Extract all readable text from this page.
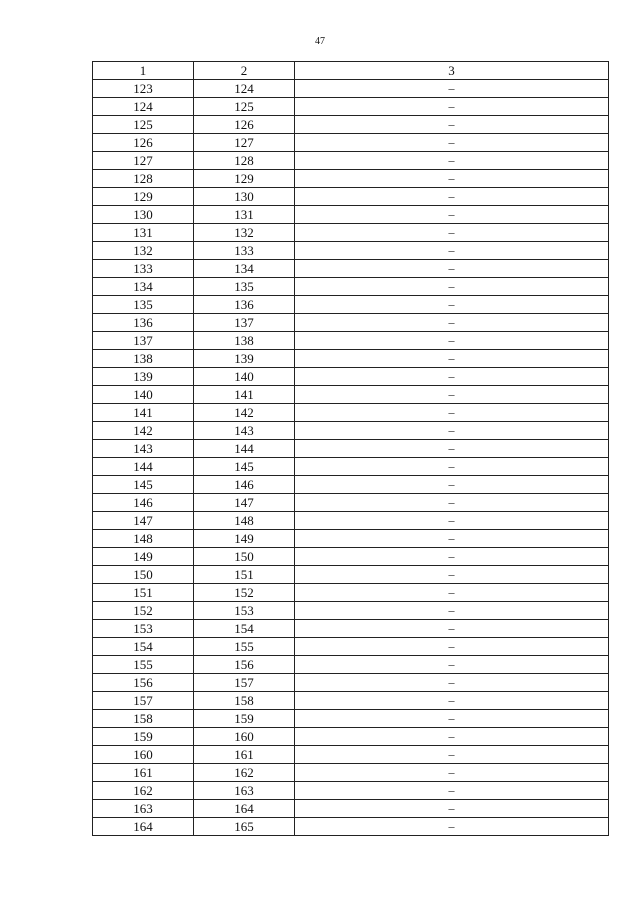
47
1	2	3
123	124	–
124	125	–
125	126	–
126	127	–
127	128	–
128	129	–
129	130	–
130	131	–
131	132	–
132	133	–
133	134	–
134	135	–
135	136	–
136	137	–
137	138	–
138	139	–
139	140	–
140	141	–
141	142	–
142	143	–
143	144	–
144	145	–
145	146	–
146	147	–
147	148	–
148	149	–
149	150	–
150	151	–
151	152	–
152	153	–
153	154	–
154	155	–
155	156	–
156	157	–
157	158	–
158	159	–
159	160	–
160	161	–
161	162	–
162	163	–
163	164	–
164	165	–
